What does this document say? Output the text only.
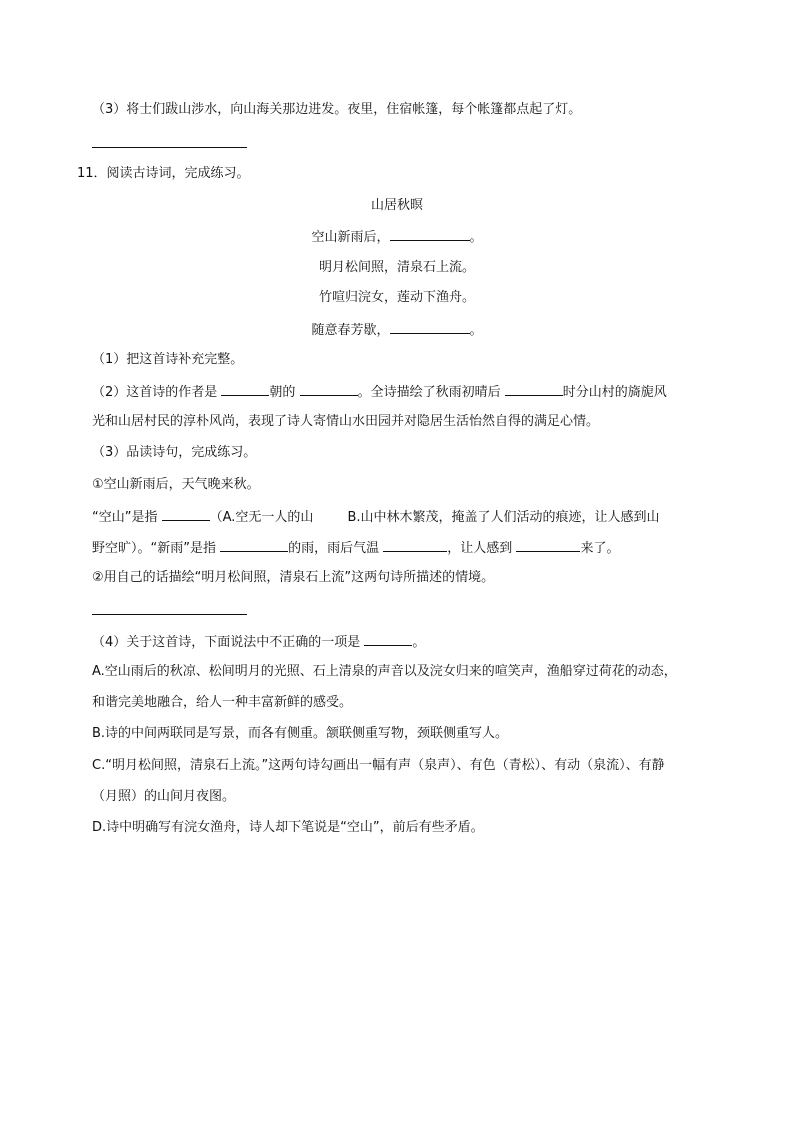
（3）将士们跋山涉水，向山海关那边进发。夜里，住宿帐篷，每个帐篷都点起了灯。
11．阅读古诗词，完成练习。
山居秋暝
空山新雨后，	。
明月松间照，清泉石上流。
竹喧归浣女，莲动下渔舟。
随意春芳歇，	。
（1）把这首诗补充完整。
（2）这首诗的作者是	朝的	。全诗描绘了秋雨初晴后	时分山村的旖旎风
光和山居村民的淳朴风尚，表现了诗人寄情山水田园并对隐居生活怡然自得的满足心情。
（3）品读诗句，完成练习。
①空山新雨后，天气晚来秋。
“空山”是指	（A.空无一人的山	B.山中林木繁茂，掩盖了人们活动的痕迹，让人感到山
野空旷）。“新雨”是指	的雨，雨后气温	，让人感到	来了。
②用自己的话描绘“明月松间照，清泉石上流”这两句诗所描述的情境。
（4）关于这首诗，下面说法中不正确的一项是	。
A.空山雨后的秋凉、松间明月的光照、石上清泉的声音以及浣女归来的喧笑声，渔船穿过荷花的动态，
和谐完美地融合，给人一种丰富新鲜的感受。
B.诗的中间两联同是写景，而各有侧重。颔联侧重写物，颈联侧重写人。
C.“明月松间照，清泉石上流。”这两句诗勾画出一幅有声（泉声）、有色（青松）、有动（泉流）、有静
（月照）的山间月夜图。
D.诗中明确写有浣女渔舟，诗人却下笔说是“空山”，前后有些矛盾。
